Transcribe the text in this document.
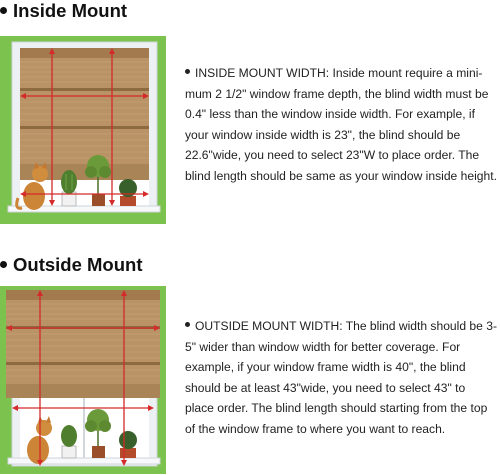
Inside Mount
INSIDE MOUNT WIDTH: Inside mount require a mini-mum 2 1/2" window frame depth, the blind width must be 0.4" less than the window inside width. For example, if your window inside width is 23", the blind should be 22.6"wide, you need to select 23"W to place order. The blind length should be same as your window inside height.
Outside Mount
OUTSIDE MOUNT WIDTH: The blind width should be 3-5" wider than window width for better coverage. For example, if your window frame width is 40", the blind should be at least 43"wide, you need to select 43" to place order. The blind length should starting from the top of the window frame to where you want to reach.
